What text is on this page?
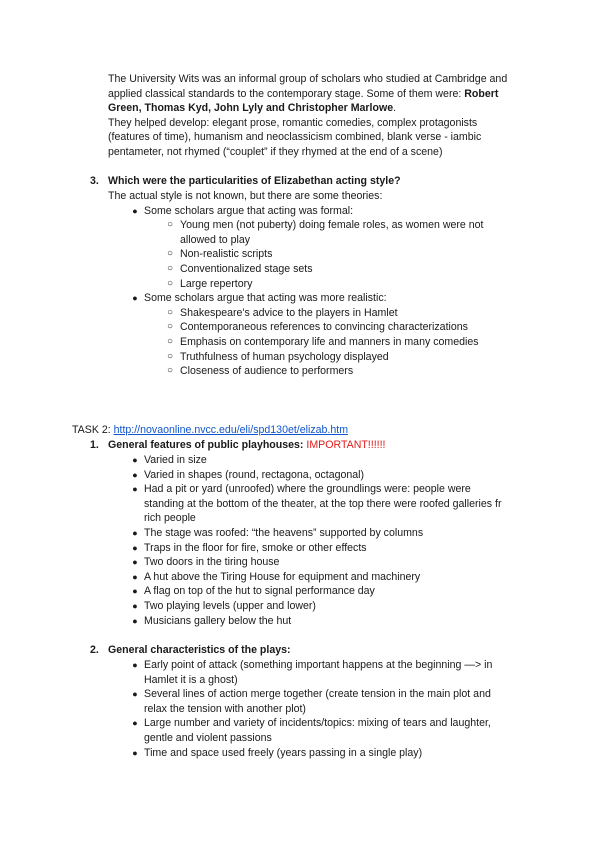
The University Wits was an informal group of scholars who studied at Cambridge and

applied classical standards to the contemporary stage. Some of them were: Robert

Green, Thomas Kyd, John Lyly and Christopher Marlowe.

They helped develop: elegant prose, romantic comedies, complex protagonists

(features of time), humanism and neoclassicism combined, blank verse - iambic

pentameter, not rhymed (“couplet” if they rhymed at the end of a scene)

3. Which were the particularities of Elizabethan acting style?
The actual style is not known, but there are some theories:
● Some scholars argue that acting was formal:
○ Young men (not puberty) doing female roles, as women were not
allowed to play
○ Non-realistic scripts
○ Conventionalized stage sets
○ Large repertory
● Some scholars argue that acting was more realistic:
○ Shakespeare's advice to the players in Hamlet
○ Contemporaneous references to convincing characterizations
○ Emphasis on contemporary life and manners in many comedies
○ Truthfulness of human psychology displayed
○ Closeness of audience to performers
TASK 2: http://novaonline.nvcc.edu/eli/spd130et/elizab.htm
1. General features of public playhouses: IMPORTANT!!!!!!
● Varied in size
● Varied in shapes (round, rectagona, octagonal)
● Had a pit or yard (unroofed) where the groundlings were: people were
standing at the bottom of the theater, at the top there were roofed galleries fr
rich people
● The stage was roofed: “the heavens” supported by columns
● Traps in the floor for fire, smoke or other effects
● Two doors in the tiring house
● A hut above the Tiring House for equipment and machinery
● A flag on top of the hut to signal performance day
● Two playing levels (upper and lower)
● Musicians gallery below the hut
2. General characteristics of the plays:
● Early point of attack (something important happens at the beginning —> in
Hamlet it is a ghost)
● Several lines of action merge together (create tension in the main plot and
relax the tension with another plot)
● Large number and variety of incidents/topics: mixing of tears and laughter,
gentle and violent passions
● Time and space used freely (years passing in a single play)
